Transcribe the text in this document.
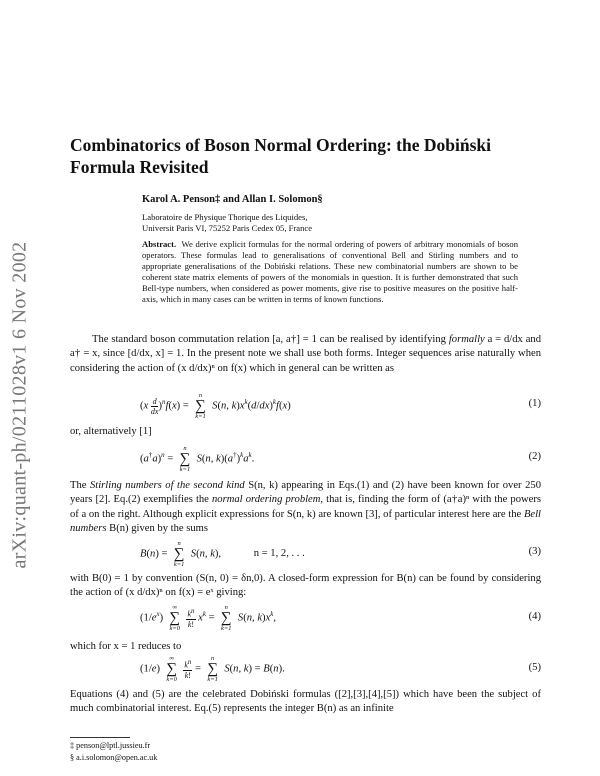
arXiv:quant-ph/0211028v1 6 Nov 2002
Combinatorics of Boson Normal Ordering: the Dobiński Formula Revisited
Karol A. Penson‡ and Allan I. Solomon§
Laboratoire de Physique Thorique des Liquides,
Universit Paris VI, 75252 Paris Cedex 05, France
Abstract. We derive explicit formulas for the normal ordering of powers of arbitrary monomials of boson operators. These formulas lead to generalisations of conventional Bell and Stirling numbers and to appropriate generalisations of the Dobiński relations. These new combinatorial numbers are shown to be coherent state matrix elements of powers of the monomials in question. It is further demonstrated that such Bell-type numbers, when considered as power moments, give rise to positive measures on the positive half-axis, which in many cases can be written in terms of known functions.
The standard boson commutation relation [a, a†] = 1 can be realised by identifying formally a = d/dx and a† = x, since [d/dx, x] = 1. In the present note we shall use both forms. Integer sequences arise naturally when considering the action of (x d/dx)ⁿ on f(x) which in general can be written as
$(x \frac{d}{dx} )^nf(x)$ =
n
∑
k=1
S(n, $k)x^k(d/dx)^kf(x)$	(1)
or, alternatively [1]
$(a^\dagger a)^n$ =
n
∑
k=1
S(n, $k)(a^\dagger)^ka^k$.	(2)
The Stirling numbers of the second kind S(n, k) appearing in Eqs.(1) and (2) have been known for over 250 years [2]. Eq.(2) exemplifies the normal ordering problem, that is, finding the form of (a†a)ⁿ with the powers of a on the right. Although explicit expressions for S(n, k) are known [3], of particular interest here are the Bell numbers B(n) given by the sums
B(n) =
n
∑
k=1
S(n, k),	n = 1, 2, . . .	(3)
with B(0) = 1 by convention (S(n, 0) = δn,0). A closed-form expression for B(n) can be found by considering the action of (x d/dx)ⁿ on f(x) = eˣ giving:
$(1/e^x)$
∞
∑
k=0
$\frac{k^n}{k!} x^k$ =
n
∑
k=1
S(n, $k)x^k$,	(4)
which for x = 1 reduces to
(1/e)
∞
∑
k=0
$\frac{k^n}{k!}$ =
n
∑
k=1
S(n, k) = B(n).	(5)
Equations (4) and (5) are the celebrated Dobiński formulas ([2],[3],[4],[5]) which have been the subject of much combinatorial interest. Eq.(5) represents the integer B(n) as an infinite
‡ penson@lptl.jussieu.fr
§ a.i.solomon@open.ac.uk
